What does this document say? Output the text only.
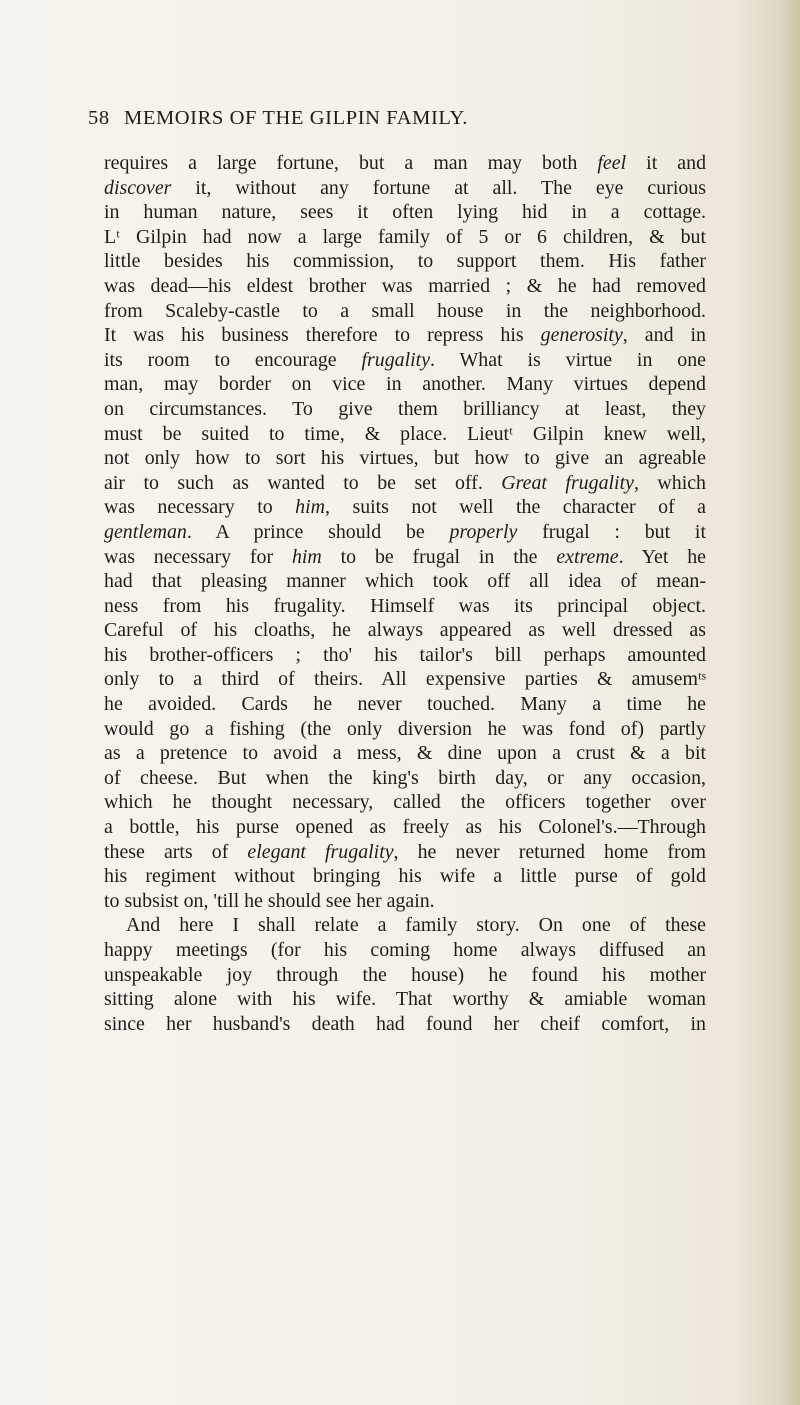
58 MEMOIRS OF THE GILPIN FAMILY.
requires a large fortune, but a man may both feel it and
discover it, without any fortune at all. The eye curious
in human nature, sees it often lying hid in a cottage.
Lᵗ Gilpin had now a large family of 5 or 6 children, & but
little besides his commission, to support them. His father
was dead—his eldest brother was married ; & he had removed
from Scaleby-castle to a small house in the neighborhood.
It was his business therefore to repress his generosity, and in
its room to encourage frugality. What is virtue in one
man, may border on vice in another. Many virtues depend
on circumstances. To give them brilliancy at least, they
must be suited to time, & place. Lieutᵗ Gilpin knew well,
not only how to sort his virtues, but how to give an agreable
air to such as wanted to be set off. Great frugality, which
was necessary to him, suits not well the character of a
gentleman. A prince should be properly frugal : but it
was necessary for him to be frugal in the extreme. Yet he
had that pleasing manner which took off all idea of mean-
ness from his frugality. Himself was its principal object.
Careful of his cloaths, he always appeared as well dressed as
his brother-officers ; tho' his tailor's bill perhaps amounted
only to a third of theirs. All expensive parties & amusemᵗˢ
he avoided. Cards he never touched. Many a time he
would go a fishing (the only diversion he was fond of) partly
as a pretence to avoid a mess, & dine upon a crust & a bit
of cheese. But when the king's birth day, or any occasion,
which he thought necessary, called the officers together over
a bottle, his purse opened as freely as his Colonel's.—Through
these arts of elegant frugality, he never returned home from
his regiment without bringing his wife a little purse of gold
to subsist on, 'till he should see her again.
And here I shall relate a family story. On one of these
happy meetings (for his coming home always diffused an
unspeakable joy through the house) he found his mother
sitting alone with his wife. That worthy & amiable woman
since her husband's death had found her cheif comfort, in
